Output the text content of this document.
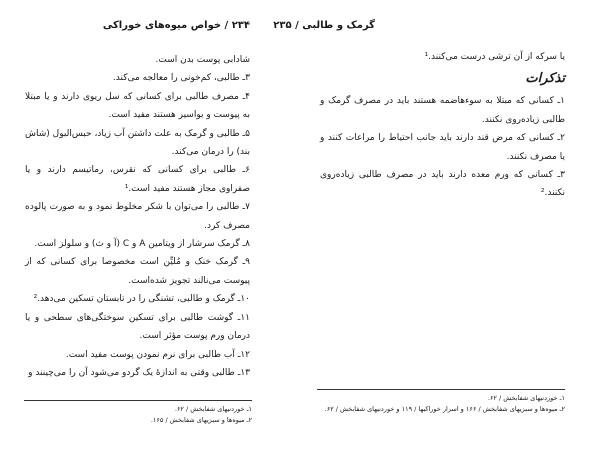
۲۳۴ / خواص میوه‌های خوراکی

شادابی پوست بدن است.

۳ـ طالبی، کم‌خونی را معالجه می‌کند.

۴ـ مصرف طالبی برای کسانی که سل ریوی دارند و یا مبتلا به پیوست و بواسیر هستند مفید است.

۵ـ طالبی و گرمک به علت داشتن آب زیاد، حبس‌البول (شاش بند) را درمان می‌کند.

۶ـ طالبی برای کسانی که نقرس، رماتیسم دارند و یا صفراوی مجاز هستند مفید است.¹

۷ـ طالبی را می‌توان با شکر مخلوط نمود و به صورت پالوده مصرف کرد.

۸ـ گرمک سرشار از ویتامین A و C (آ و ث) و سلولز است.

۹ـ گرمک خنک و مُلیِّن است مخصوصا برای کسانی که از پیوست می‌نالند تجویز شده‌است.

۱۰ـ گرمک و طالبی، تشنگی را در تابستان تسکین می‌دهد.²

۱۱ـ گوشت طالبی برای تسکین سوختگی‌های سطحی و یا درمان ورم پوست مؤثر است.

۱۲ـ آب طالبی برای نرم نمودن پوست مفید است.

۱۳ـ طالبی وقتی به اندازهٔ یک گردو می‌شود آن را می‌چینند و

۱ـ خوردنیهای شفابخش / ۶۲.
۲ـ میوه‌ها و سبزیهای شفابخش / ۱۶۵.
گرمک و طالبی / ۲۳۵

یا سرکه از آن ترشی درست می‌کنند.¹

تذکرات

۱ـ کسانی که مبتلا به سوءهاضمه هستند باید در مصرف گرمک و طالبی زیاده‌روی نکنند.

۲ـ کسانی که مرض قند دارند باید جانب احتیاط را مراعات کنند و یا مصرف نکنند.

۳ـ کسانی که ورم معده دارند باید در مصرف طالبی زیاده‌روی نکنند.²

۱ـ خوردنیهای شفابخش / ۶۲.
۲ـ میوه‌ها و سبزیهای شفابخش / ۱۶۶ و اسرار خوراکیها / ۱۱۹ و خوردنیهای شفابخش / ۶۲.
